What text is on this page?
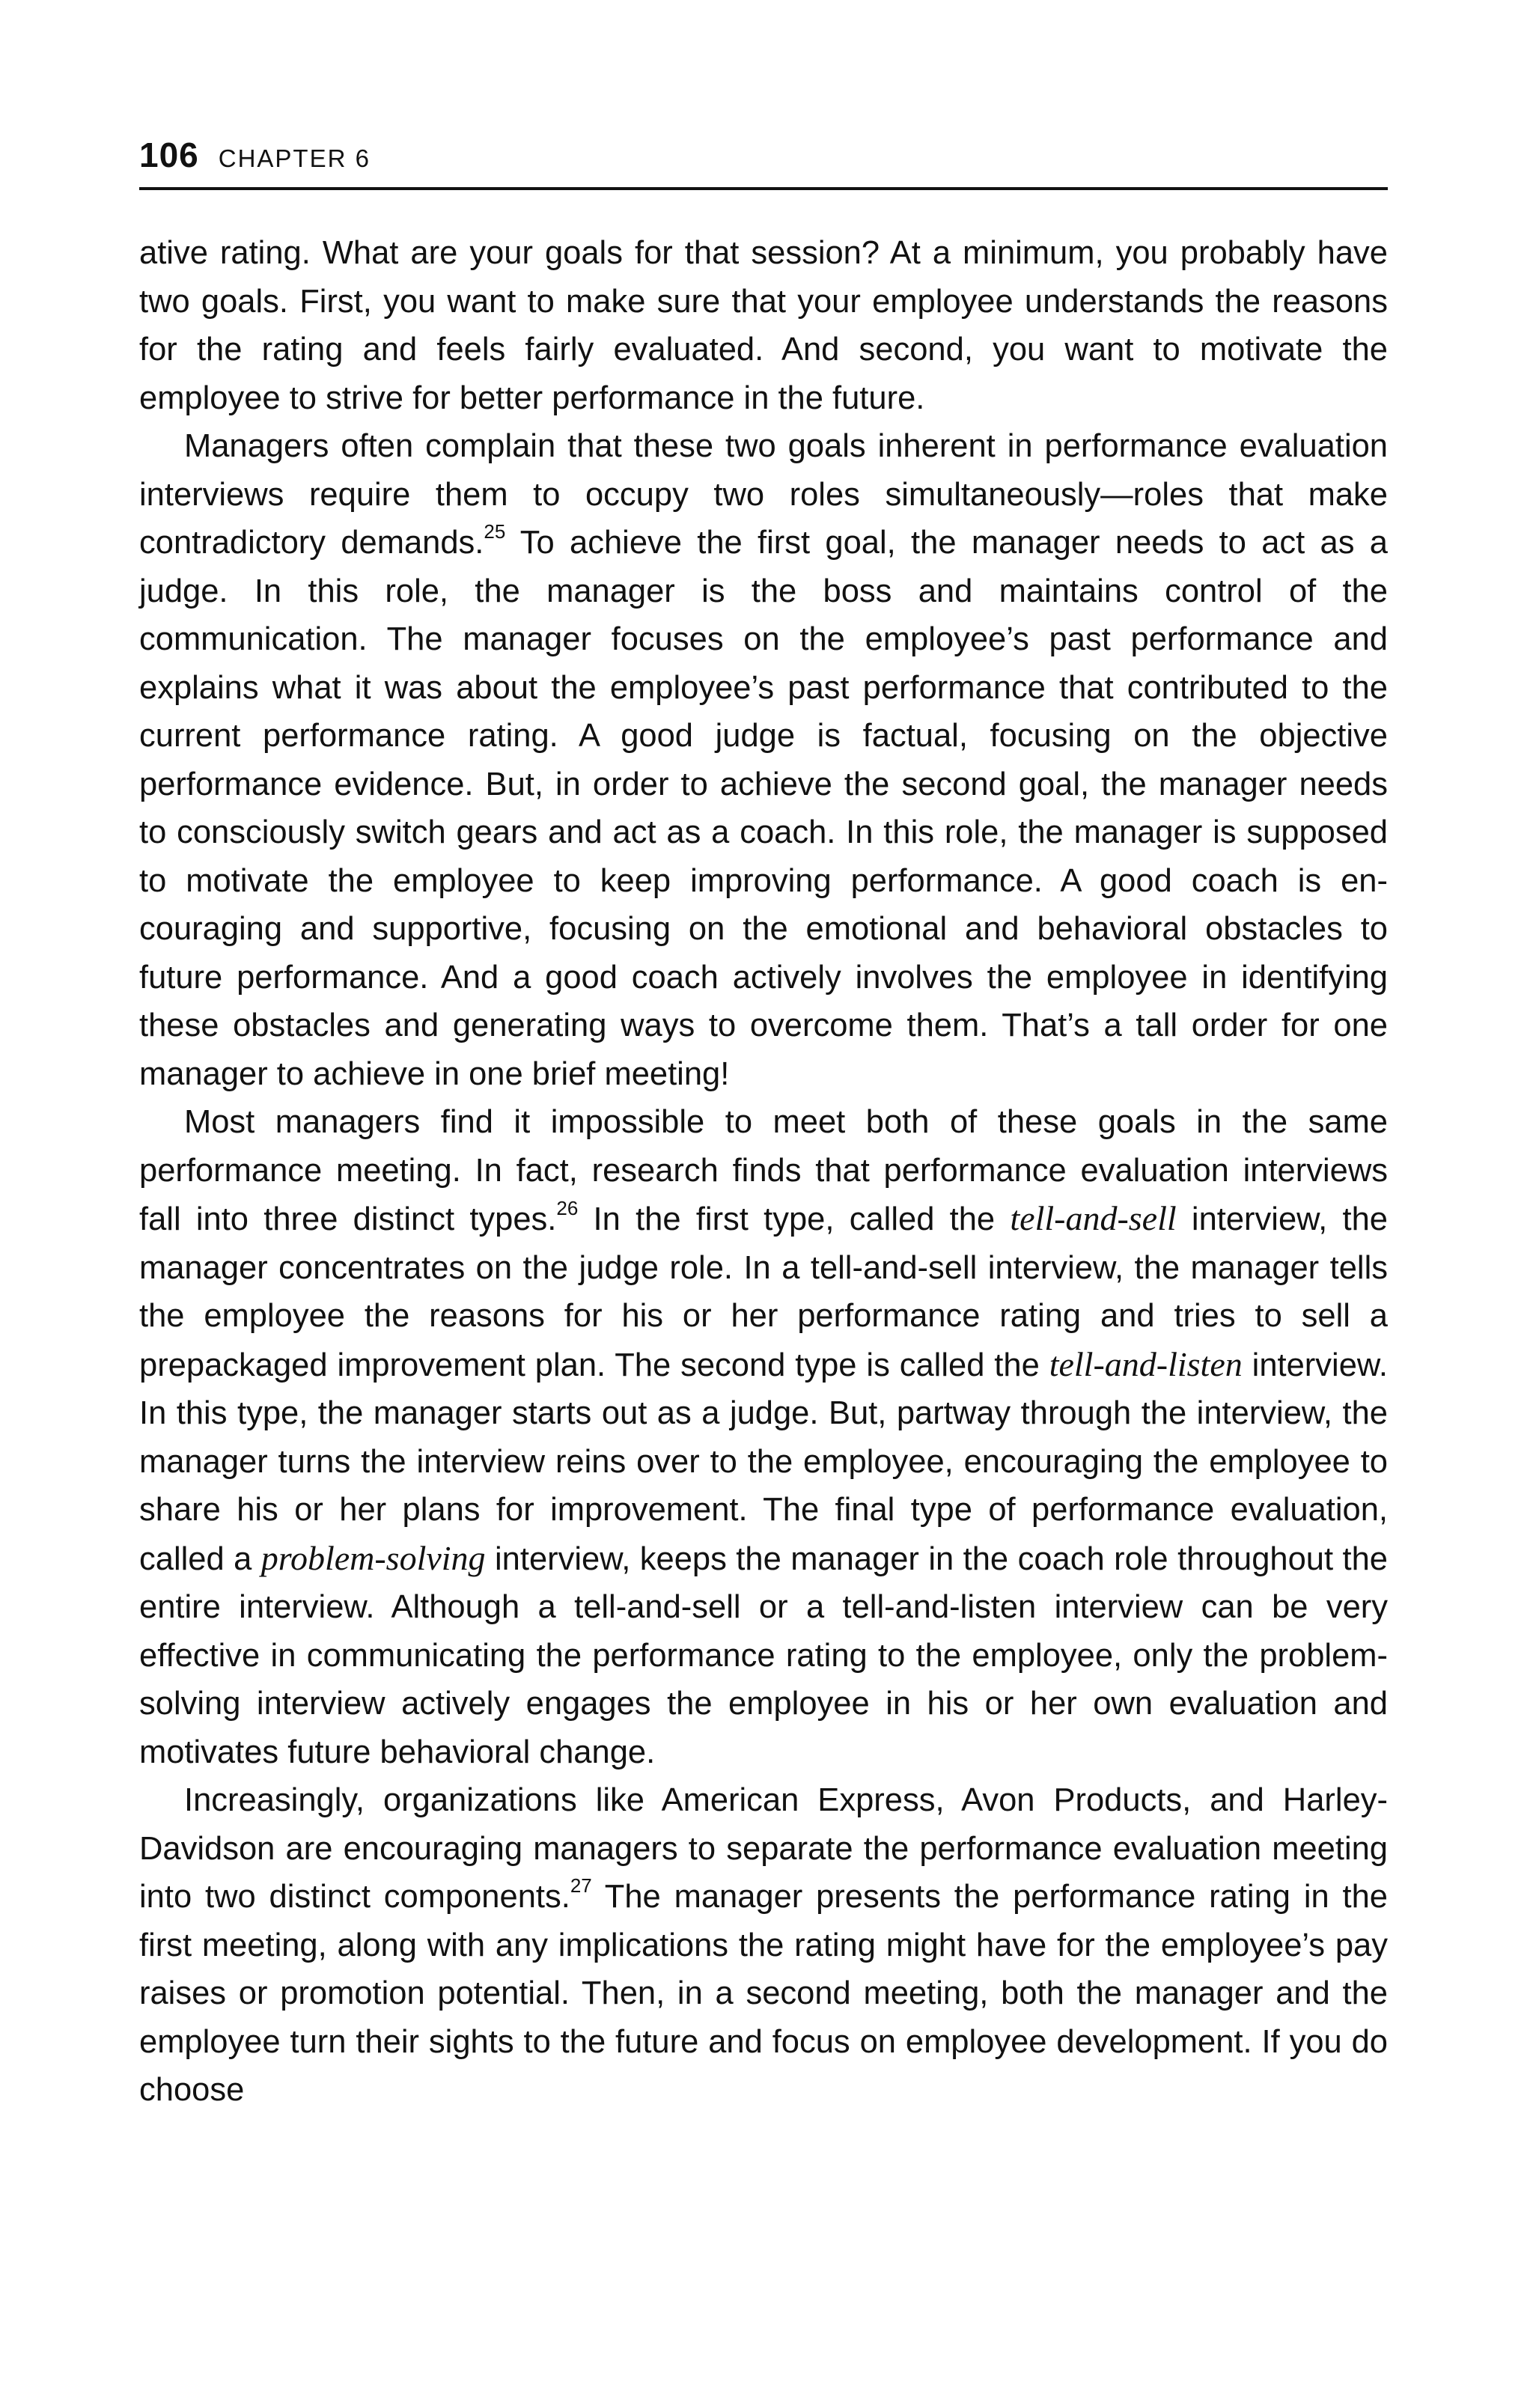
106 CHAPTER 6

ative rating. What are your goals for that session? At a minimum, you probably have two goals. First, you want to make sure that your employee understands the reasons for the rating and feels fairly evaluated. And second, you want to motivate the employee to strive for better performance in the future.

Managers often complain that these two goals inherent in performance evaluation interviews require them to occupy two roles simultaneously—roles that make contradictory demands.$^{25}$ To achieve the first goal, the manager needs to act as a judge. In this role, the manager is the boss and maintains control of the communication. The manager focuses on the employee’s past performance and explains what it was about the employee’s past performance that contributed to the current performance rating. A good judge is factual, focusing on the objective performance evidence. But, in order to achieve the second goal, the manager needs to consciously switch gears and act as a coach. In this role, the manager is supposed to motivate the employee to keep improving performance. A good coach is encouraging and supportive, focusing on the emotional and behavioral obstacles to future performance. And a good coach actively involves the employee in identifying these obstacles and generating ways to overcome them. That’s a tall order for one manager to achieve in one brief meeting!

Most managers find it impossible to meet both of these goals in the same performance meeting. In fact, research finds that performance evaluation interviews fall into three distinct types.$^{26}$ In the first type, called the tell-and-sell interview, the manager concentrates on the judge role. In a tell-and-sell interview, the manager tells the employee the reasons for his or her performance rating and tries to sell a prepackaged improvement plan. The second type is called the tell-and-listen interview. In this type, the manager starts out as a judge. But, partway through the interview, the manager turns the interview reins over to the employee, encouraging the employee to share his or her plans for improvement. The final type of performance evaluation, called a problem-solving interview, keeps the manager in the coach role throughout the entire interview. Although a tell-and-sell or a tell-and-listen interview can be very effective in communicating the performance rating to the employee, only the problem-solving interview actively engages the employee in his or her own evaluation and motivates future behavioral change.

Increasingly, organizations like American Express, Avon Products, and Harley-Davidson are encouraging managers to separate the performance evaluation meeting into two distinct components.$^{27}$ The manager presents the performance rating in the first meeting, along with any implications the rating might have for the employee’s pay raises or promotion potential. Then, in a second meeting, both the manager and the employee turn their sights to the future and focus on employee development. If you do choose
